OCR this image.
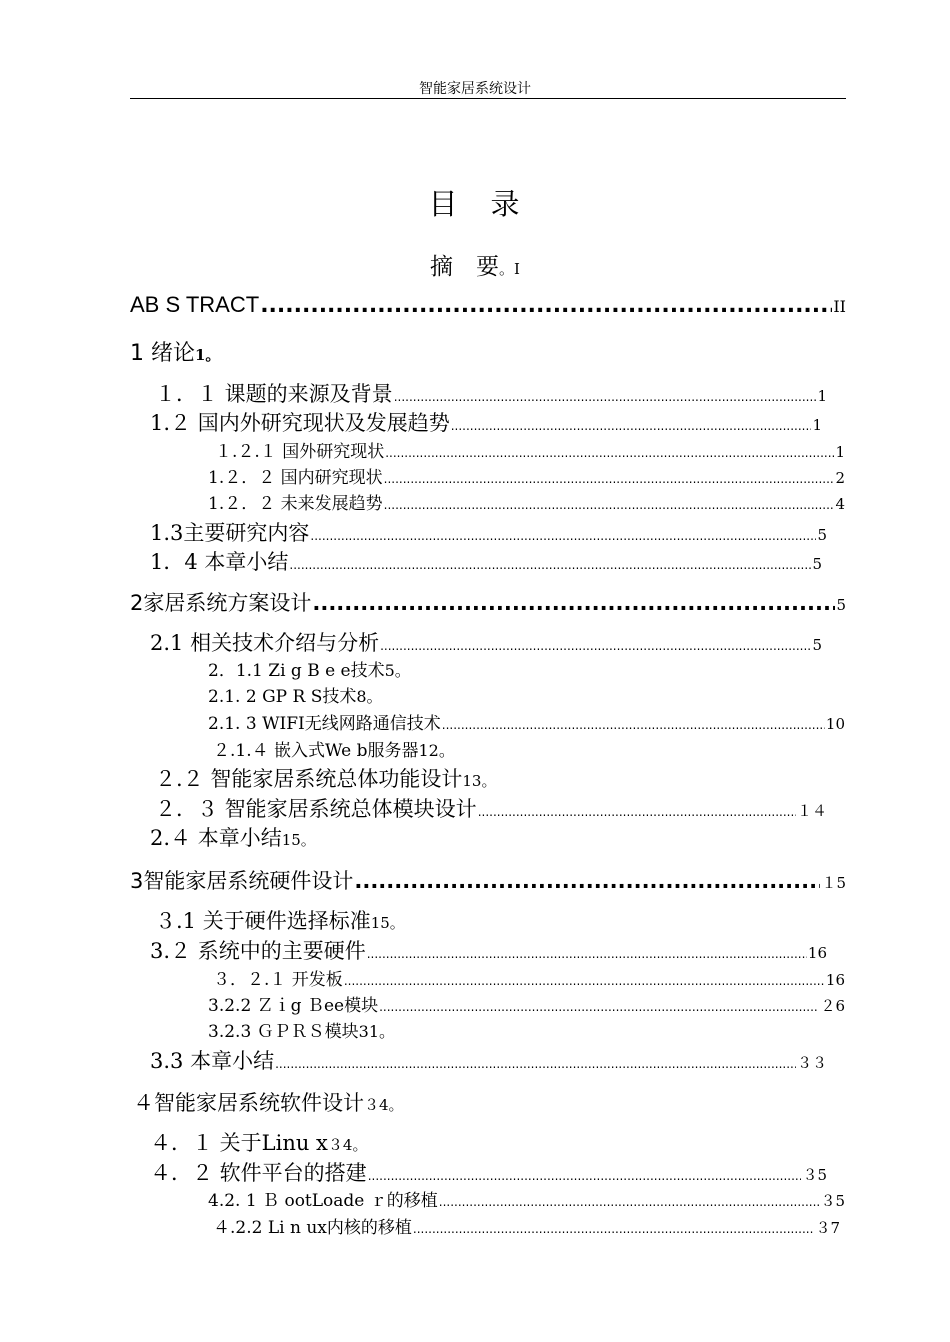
智能家居系统设计
目　录
摘　要。I
AB S TRACT .....	II
1 绪论1。
１．１ 课题的来源及背景 .....	1
1.２ 国内外研究现状及发展趋势 .....	1
１.２.１ 国外研究现状 .....	1
1.２．２ 国内研究现状 .....	2
1.２．２ 未来发展趋势 .....	4
1.3主要研究内容 .....	5
1．4 本章小结 .....	5
2家居系统方案设计 .....	5
2.1 相关技术介绍与分析 .....	5
2．1.1 Zi g B e e技术5。
2.1. 2 GP R S技术8。
2.1. 3 WIFI无线网路通信技术 .....	10
２.1.４ 嵌入式We b服务器12。
２.２ 智能家居系统总体功能设计13。
２．３ 智能家居系统总体模块设计 .....	１４
2.４ 本章小结15。
3智能家居系统硬件设计 .....	１5
３.1 关于硬件选择标准15。
3.２ 系统中的主要硬件 .....	16
３．２.１ 开发板 .....	16
3.2.2 Ｚｉg Ｂee模块 .....	２6
3.2.3 ＧＰＲＳ模块31。
3.3 本章小结 .....	３３
４智能家居系统软件设计３4。
４．１ 关于Linu x３4。
４．２ 软件平台的搭建 .....	３5
4.2. 1 Ｂ ootLoade ｒ的移植 .....	３5
４.2.2 Li n ux内核的移植 .....	３7
